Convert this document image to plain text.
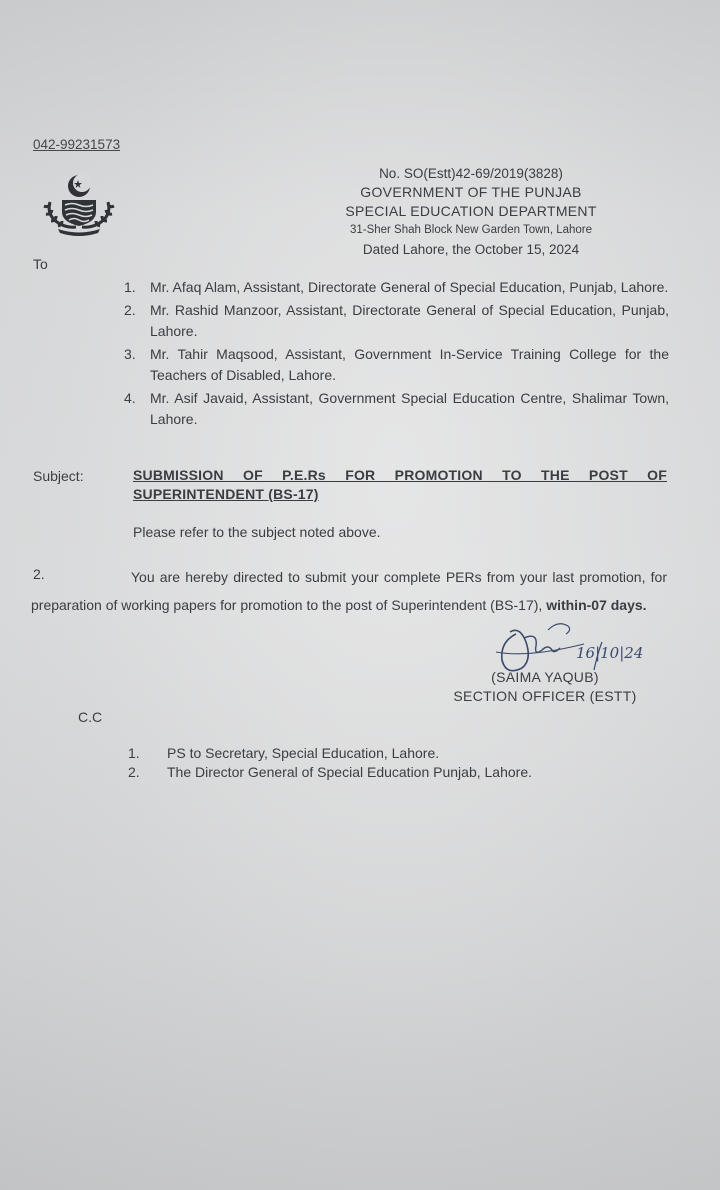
042-99231573
No. SO(Estt)42-69/2019(3828)
GOVERNMENT OF THE PUNJAB
SPECIAL EDUCATION DEPARTMENT
31-Sher Shah Block New Garden Town, Lahore
Dated Lahore, the October 15, 2024
To
1. Mr. Afaq Alam, Assistant, Directorate General of Special Education, Punjab, Lahore.
2. Mr. Rashid Manzoor, Assistant, Directorate General of Special Education, Punjab, Lahore.
3. Mr. Tahir Maqsood, Assistant, Government In-Service Training College for the Teachers of Disabled, Lahore.
4. Mr. Asif Javaid, Assistant, Government Special Education Centre, Shalimar Town, Lahore.
Subject:	SUBMISSION OF P.E.Rs FOR PROMOTION TO THE POST OF
SUPERINTENDENT (BS-17)
Please refer to the subject noted above.
2.	You are hereby directed to submit your complete PERs from your last promotion, for preparation of working papers for promotion to the post of Superintendent (BS-17), within-07 days.
16|10|24
(SAIMA YAQUB)
SECTION OFFICER (ESTT)
C.C
1. PS to Secretary, Special Education, Lahore.
2. The Director General of Special Education Punjab, Lahore.
